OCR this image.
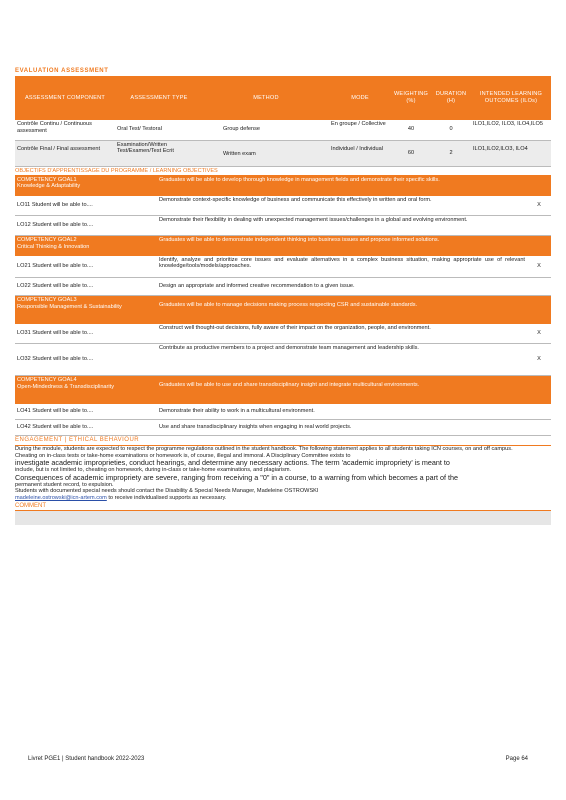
EVALUATION ASSESSMENT
ASSESSMENT COMPONENT	ASSESSMENT TYPE	METHOD	MODE	WEIGHTING (%)	DURATION (H)	INTENDED LEARNING OUTCOMES (ILOs)
Contrôle Continu / Continuous assessment	Oral Test/ Testoral	Group defense	En groupe / Collective	40	0	ILO1,ILO2, ILO3, ILO4,ILO5
Contrôle Final / Final assessment	Examination/Written Test/Examen/Test Ecrit	Written exam	Individuel / Individual	60	2	ILO1,ILO2,ILO3, ILO4
OBJECTIFS D'APPRENTISSAGE DU PROGRAMME / LEARNING OBJECTIVES
COMPETENCY GOAL1
Knowledge & Adaptability	Graduates will be able to develop thorough knowledge in management fields and demonstrate their specific skills.	
LO11 Student will be able to....	Demonstrate context-specific knowledge of business and communicate this effectively in written and oral form.	X
LO12 Student will be able to....	Demonstrate their flexibility in dealing with unexpected management issues/challenges in a global and evolving environment.	

COMPETENCY GOAL2
Critical Thinking & Innovation	Graduates will be able to demonstrate independent thinking into business issues and propose informed solutions.	
LO21 Student will be able to....	Identify, analyze and prioritize core issues and evaluate alternatives in a complex business situation, making appropriate use of relevant knowledge/tools/models/approaches.	X
LO22 Student will be able to....	Design an appropriate and informed creative recommendation to a given issue.	

COMPETENCY GOAL3
Responsible Management & Sustainability	Graduates will be able to manage decisions making process respecting CSR and sustainable standards.	
LO31 Student will be able to....	Construct well thought-out decisions, fully aware of their impact on the organization, people, and environment.	X
LO32 Student will be able to....	Contribute as productive members to a project and demonstrate team management and leadership skills.	X

COMPETENCY GOAL4
Open-Mindedness & Transdisciplinarity	Graduates will be able to use and share transdisciplinary insight and integrate multicultural environments.	
LO41 Student will be able to....	Demonstrate their ability to work in a multicultural environment.	
LO42 Student will be able to....	Use and share transdisciplinary insights when engaging in real world projects.	
ENGAGEMENT | ETHICAL BEHAVIOUR

During the module, students are expected to respect the programme regulations outlined in the student handbook. The following statement applies to all students taking ICN courses, on and off campus.

Cheating on in-class tests or take-home examinations or homework is, of course, illegal and immoral. A Disciplinary Committee exists to

investigate academic improprieties, conduct hearings, and determine any necessary actions. The term 'academic impropriety' is meant to

include, but is not limited to, cheating on homework, during in-class or take-home examinations, and plagiarism.

Consequences of academic impropriety are severe, ranging from receiving a "0" in a course, to a warning from which becomes a part of the

permanent student record, to expulsion.

Students with documented special needs should contact the Disability & Special Needs Manager, Madeleine OSTROWSKI

madeleine.ostrowski@icn-artem.com to receive individualised supports as necessary.

COMMENT
Livret PGE1 | Student handbook 2022-2023	Page 64
